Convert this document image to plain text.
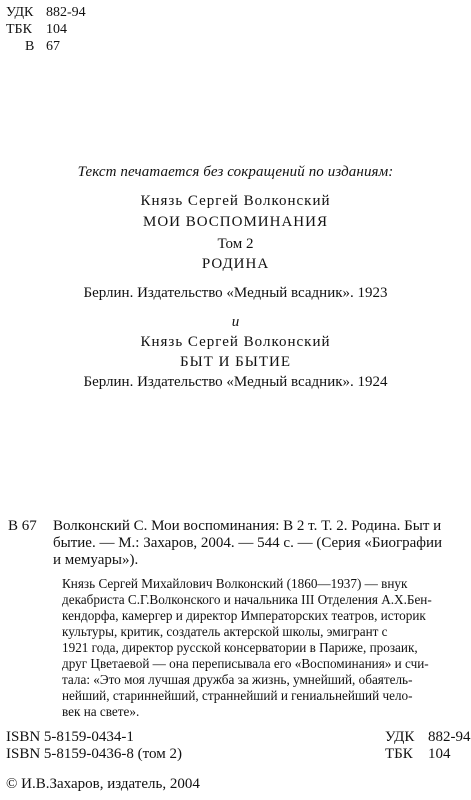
УДК 882-94
ТБК	104
В 67
Текст печатается без сокращений по изданиям:
Князь Сергей Волконский
МОИ ВОСПОМИНАНИЯ
Том 2
РОДИНА
Берлин. Издательство «Медный всадник». 1923
и
Князь Сергей Волконский
БЫТ И БЫТИЕ
Берлин. Издательство «Медный всадник». 1924
В 67 Волконский С. Мои воспоминания: В 2 т. Т. 2. Родина. Быт и
бытие. — М.: Захаров, 2004. — 544 с. — (Серия «Биографии
и мемуары»).
Князь Сергей Михайлович Волконский (1860—1937) — внук
декабриста С.Г.Волконского и начальника III Отделения А.Х.Бен-
кендорфа, камергер и директор Императорских театров, историк
культуры, критик, создатель актерской школы, эмигрант с
1921 года, директор русской консерватории в Париже, прозаик,
друг Цветаевой — она переписывала его «Воспоминания» и счи-
тала: «Это моя лучшая дружба за жизнь, умнейший, обаятель-
нейший, стариннейший, страннейший и гениальнейший чело-
век на свете».
ISBN 5-8159-0434-1
ISBN 5-8159-0436-8 (том 2)
УДК 882-94
ТБК	104
© И.В.Захаров, издатель, 2004
